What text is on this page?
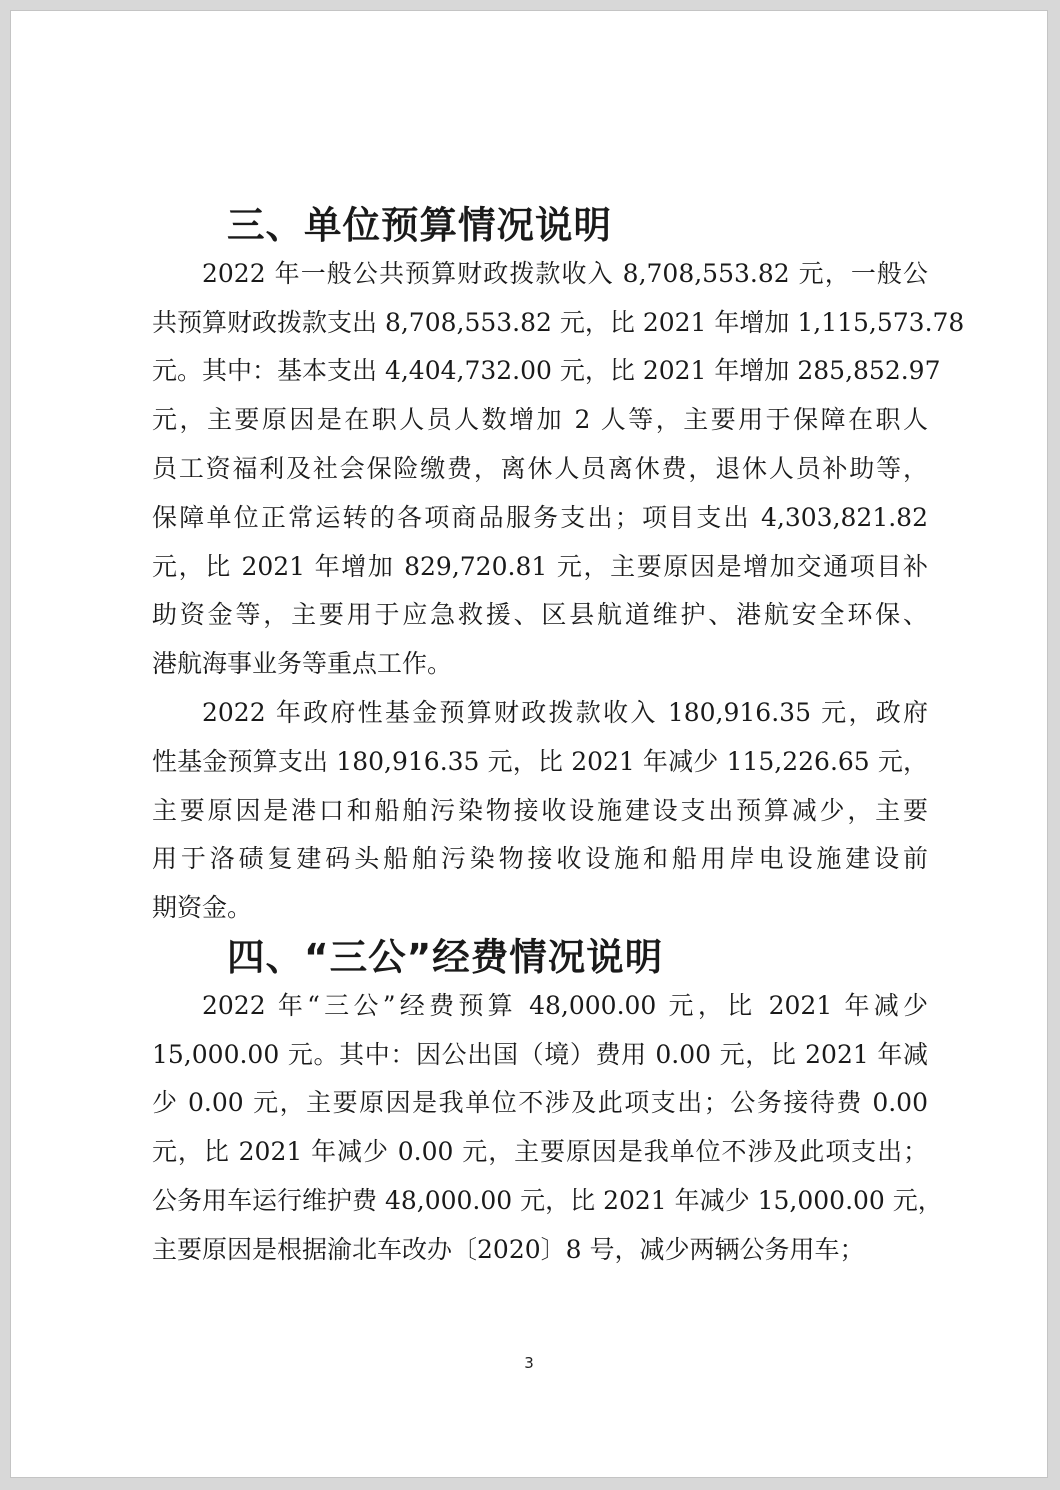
三、单位预算情况说明

2022 年一般公共预算财政拨款收入 8,708,553.82 元，一般公
共预算财政拨款支出 8,708,553.82 元，比 2021 年增加 1,115,573.78
元。其中：基本支出 4,404,732.00 元，比 2021 年增加 285,852.97
元，主要原因是在职人员人数增加 2 人等，主要用于保障在职人
员工资福利及社会保险缴费，离休人员离休费，退休人员补助等，
保障单位正常运转的各项商品服务支出；项目支出 4,303,821.82
元，比 2021 年增加 829,720.81 元，主要原因是增加交通项目补
助资金等，主要用于应急救援、区县航道维护、港航安全环保、
港航海事业务等重点工作。

2022 年政府性基金预算财政拨款收入 180,916.35 元，政府
性基金预算支出 180,916.35 元，比 2021 年减少 115,226.65 元，
主要原因是港口和船舶污染物接收设施建设支出预算减少，主要
用于洛碛复建码头船舶污染物接收设施和船用岸电设施建设前
期资金。

四、“三公”经费情况说明

2022 年“三公”经费预算 48,000.00 元，比 2021 年减少
15,000.00 元。其中：因公出国（境）费用 0.00 元，比 2021 年减
少 0.00 元，主要原因是我单位不涉及此项支出；公务接待费 0.00
元，比 2021 年减少 0.00 元，主要原因是我单位不涉及此项支出；
公务用车运行维护费 48,000.00 元，比 2021 年减少 15,000.00 元，
主要原因是根据渝北车改办〔2020〕8 号，减少两辆公务用车；

3
